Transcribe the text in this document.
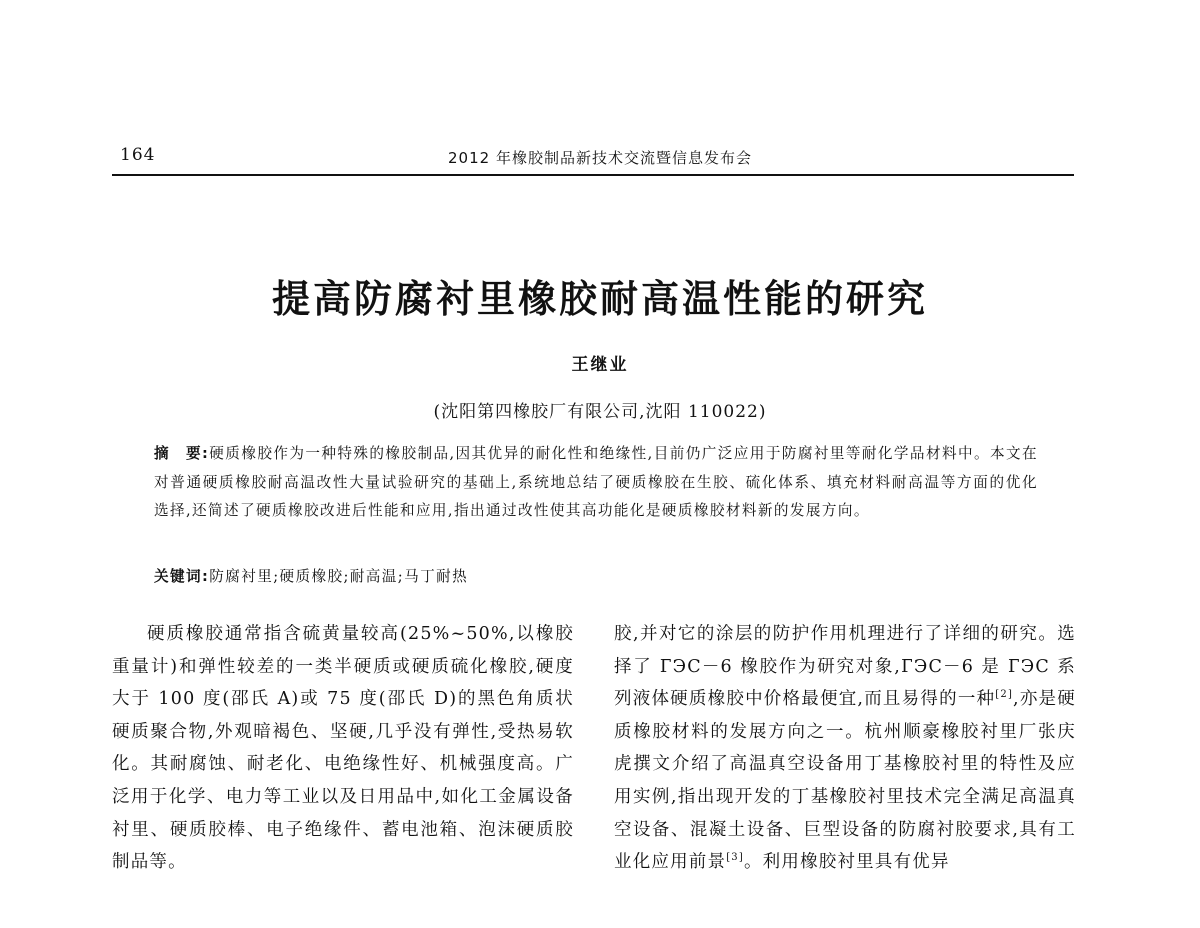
164	2012 年橡胶制品新技术交流暨信息发布会
提高防腐衬里橡胶耐高温性能的研究
王继业
(沈阳第四橡胶厂有限公司,沈阳 110022)
摘　要:硬质橡胶作为一种特殊的橡胶制品,因其优异的耐化性和绝缘性,目前仍广泛应用于防腐衬里等耐化学品材料中。本文在对普通硬质橡胶耐高温改性大量试验研究的基础上,系统地总结了硬质橡胶在生胶、硫化体系、填充材料耐高温等方面的优化选择,还简述了硬质橡胶改进后性能和应用,指出通过改性使其高功能化是硬质橡胶材料新的发展方向。
关键词:防腐衬里;硬质橡胶;耐高温;马丁耐热

硬质橡胶通常指含硫黄量较高(25%~50%,以橡胶重量计)和弹性较差的一类半硬质或硬质硫化橡胶,硬度大于 100 度(邵氏 A)或 75 度(邵氏 D)的黑色角质状硬质聚合物,外观暗褐色、坚硬,几乎没有弹性,受热易软化。其耐腐蚀、耐老化、电绝缘性好、机械强度高。广泛用于化学、电力等工业以及日用品中,如化工金属设备衬里、硬质胶棒、电子绝缘件、蓄电池箱、泡沫硬质胶制品等。

胶,并对它的涂层的防护作用机理进行了详细的研究。选择了 ГЭС－6 橡胶作为研究对象,ГЭС－6 是 ГЭС 系列液体硬质橡胶中价格最便宜,而且易得的一种[2],亦是硬质橡胶材料的发展方向之一。杭州顺豪橡胶衬里厂张庆虎撰文介绍了高温真空设备用丁基橡胶衬里的特性及应用实例,指出现开发的丁基橡胶衬里技术完全满足高温真空设备、混凝土设备、巨型设备的防腐衬胶要求,具有工业化应用前景[3]。利用橡胶衬里具有优异
